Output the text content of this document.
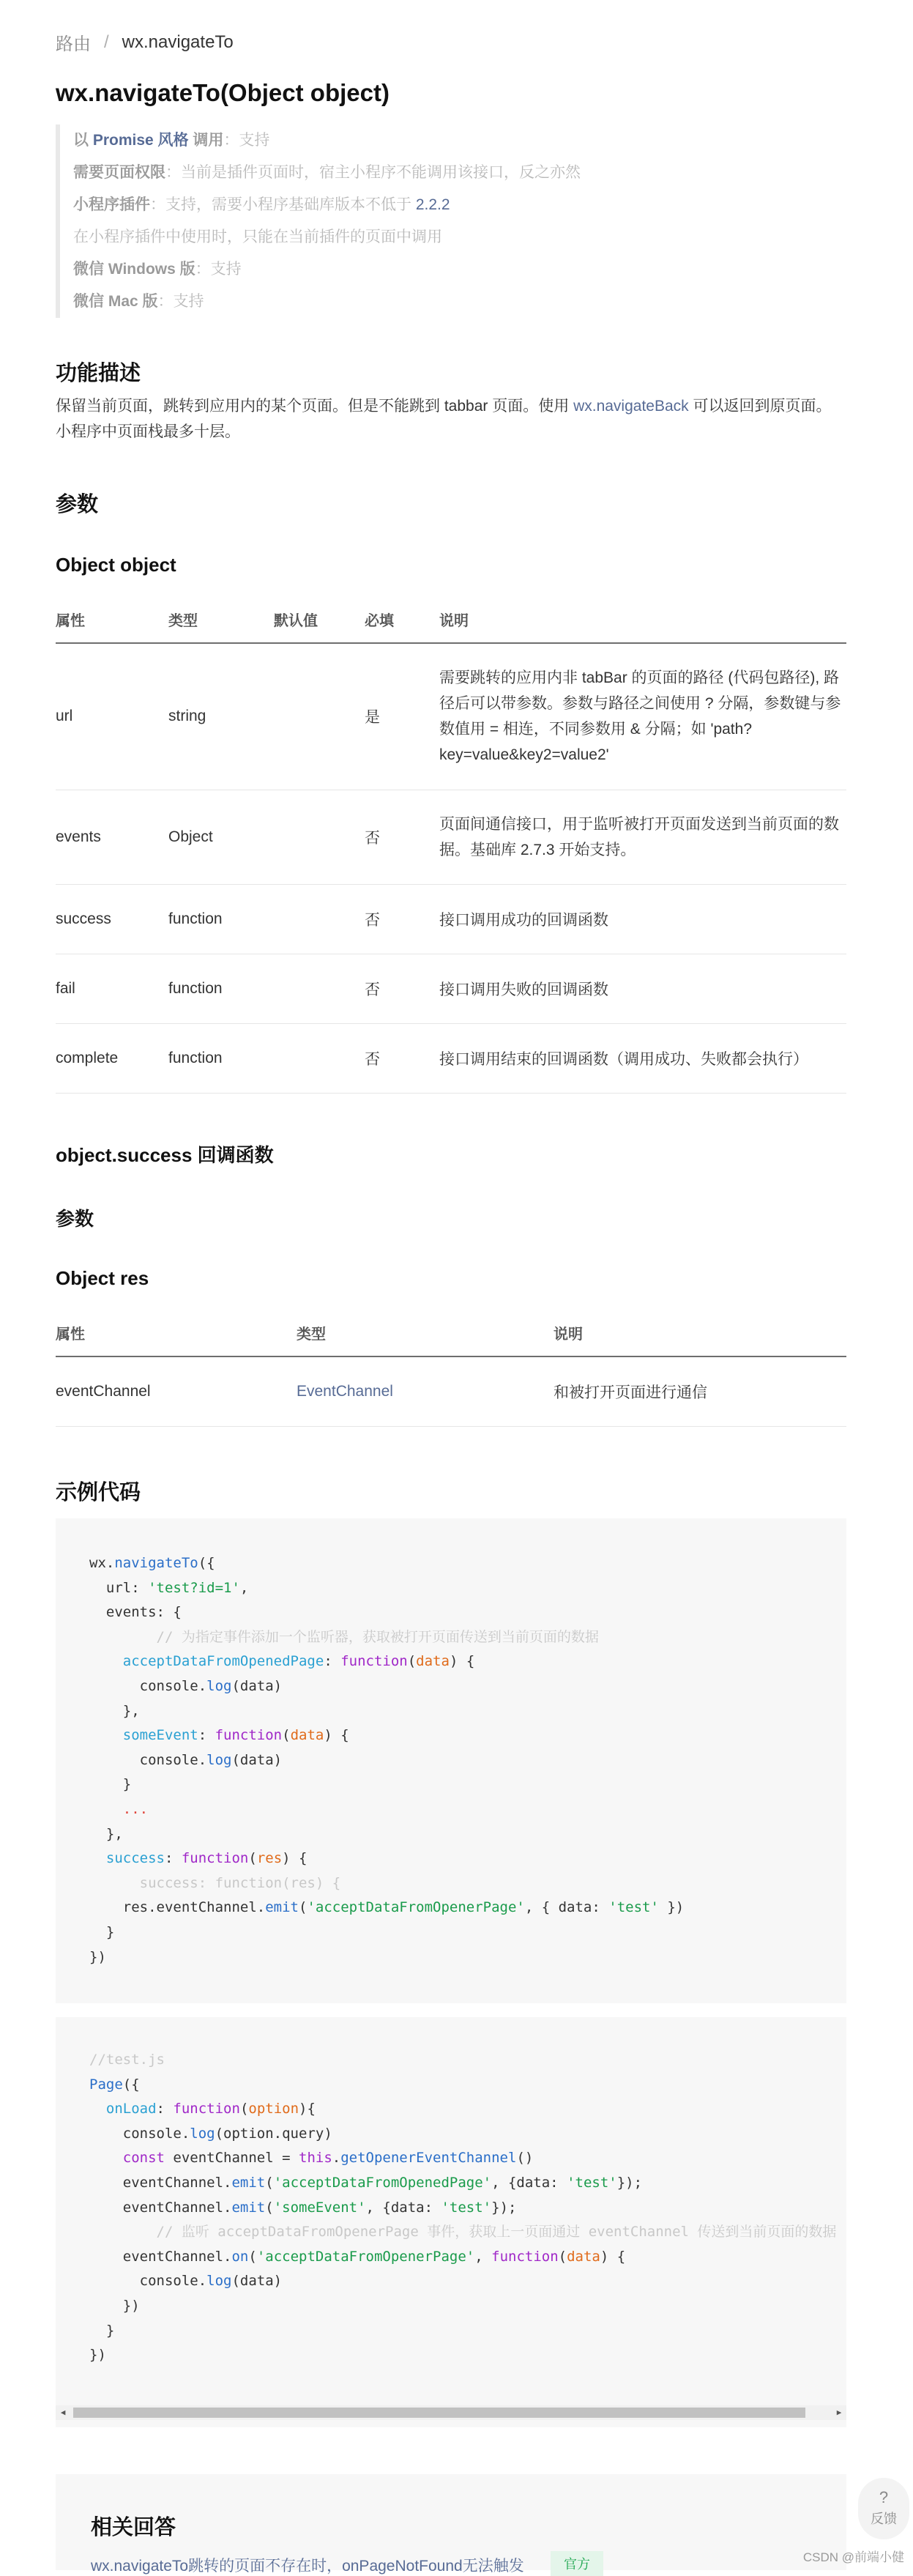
路由 / wx.navigateTo
wx.navigateTo(Object object)
以 Promise 风格 调用：支持
需要页面权限：当前是插件页面时，宿主小程序不能调用该接口，反之亦然
小程序插件：支持，需要小程序基础库版本不低于 2.2.2
在小程序插件中使用时，只能在当前插件的页面中调用
微信 Windows 版：支持
微信 Mac 版：支持
功能描述

保留当前页面，跳转到应用内的某个页面。但是不能跳到 tabbar 页面。使用 wx.navigateBack 可以返回到原页面。
小程序中页面栈最多十层。

参数
Object object
属性	类型	默认值	必填	说明
url	string		是	需要跳转的应用内非 tabBar 的页面的路径 (代码包路径), 路径后可以带参数。参数与路径之间使用 ? 分隔，参数键与参数值用 = 相连，不同参数用 & 分隔；如 'path?key=value&key2=value2'
events	Object		否	页面间通信接口，用于监听被打开页面发送到当前页面的数据。基础库 2.7.3 开始支持。
success	function		否	接口调用成功的回调函数
fail	function		否	接口调用失败的回调函数
complete	function		否	接口调用结束的回调函数（调用成功、失败都会执行）
object.success 回调函数
参数
Object res
属性	类型	说明
eventChannel	EventChannel	和被打开页面进行通信
示例代码
wx.navigateTo({
url: 'test?id=1',
events: {
// 为指定事件添加一个监听器，获取被打开页面传送到当前页面的数据
acceptDataFromOpenedPage: function(data) {
console.log(data)
},
someEvent: function(data) {
console.log(data)
}
...
},
success: function(res) {
success: function(res) {
res.eventChannel.emit('acceptDataFromOpenerPage', { data: 'test' })
}
})
//test.js
Page({
onLoad: function(option){
console.log(option.query)
const eventChannel = this.getOpenerEventChannel()
eventChannel.emit('acceptDataFromOpenedPage', {data: 'test'});
eventChannel.emit('someEvent', {data: 'test'});
// 监听 acceptDataFromOpenerPage 事件，获取上一页面通过 eventChannel 传送到当前页面的数据
eventChannel.on('acceptDataFromOpenerPage', function(data) {
console.log(data)
})
}
})
◀	▶
相关回答
wx.navigateTo跳转的页面不存在时，onPageNotFound无法触发	官方
?
反馈
CSDN @前端小健
